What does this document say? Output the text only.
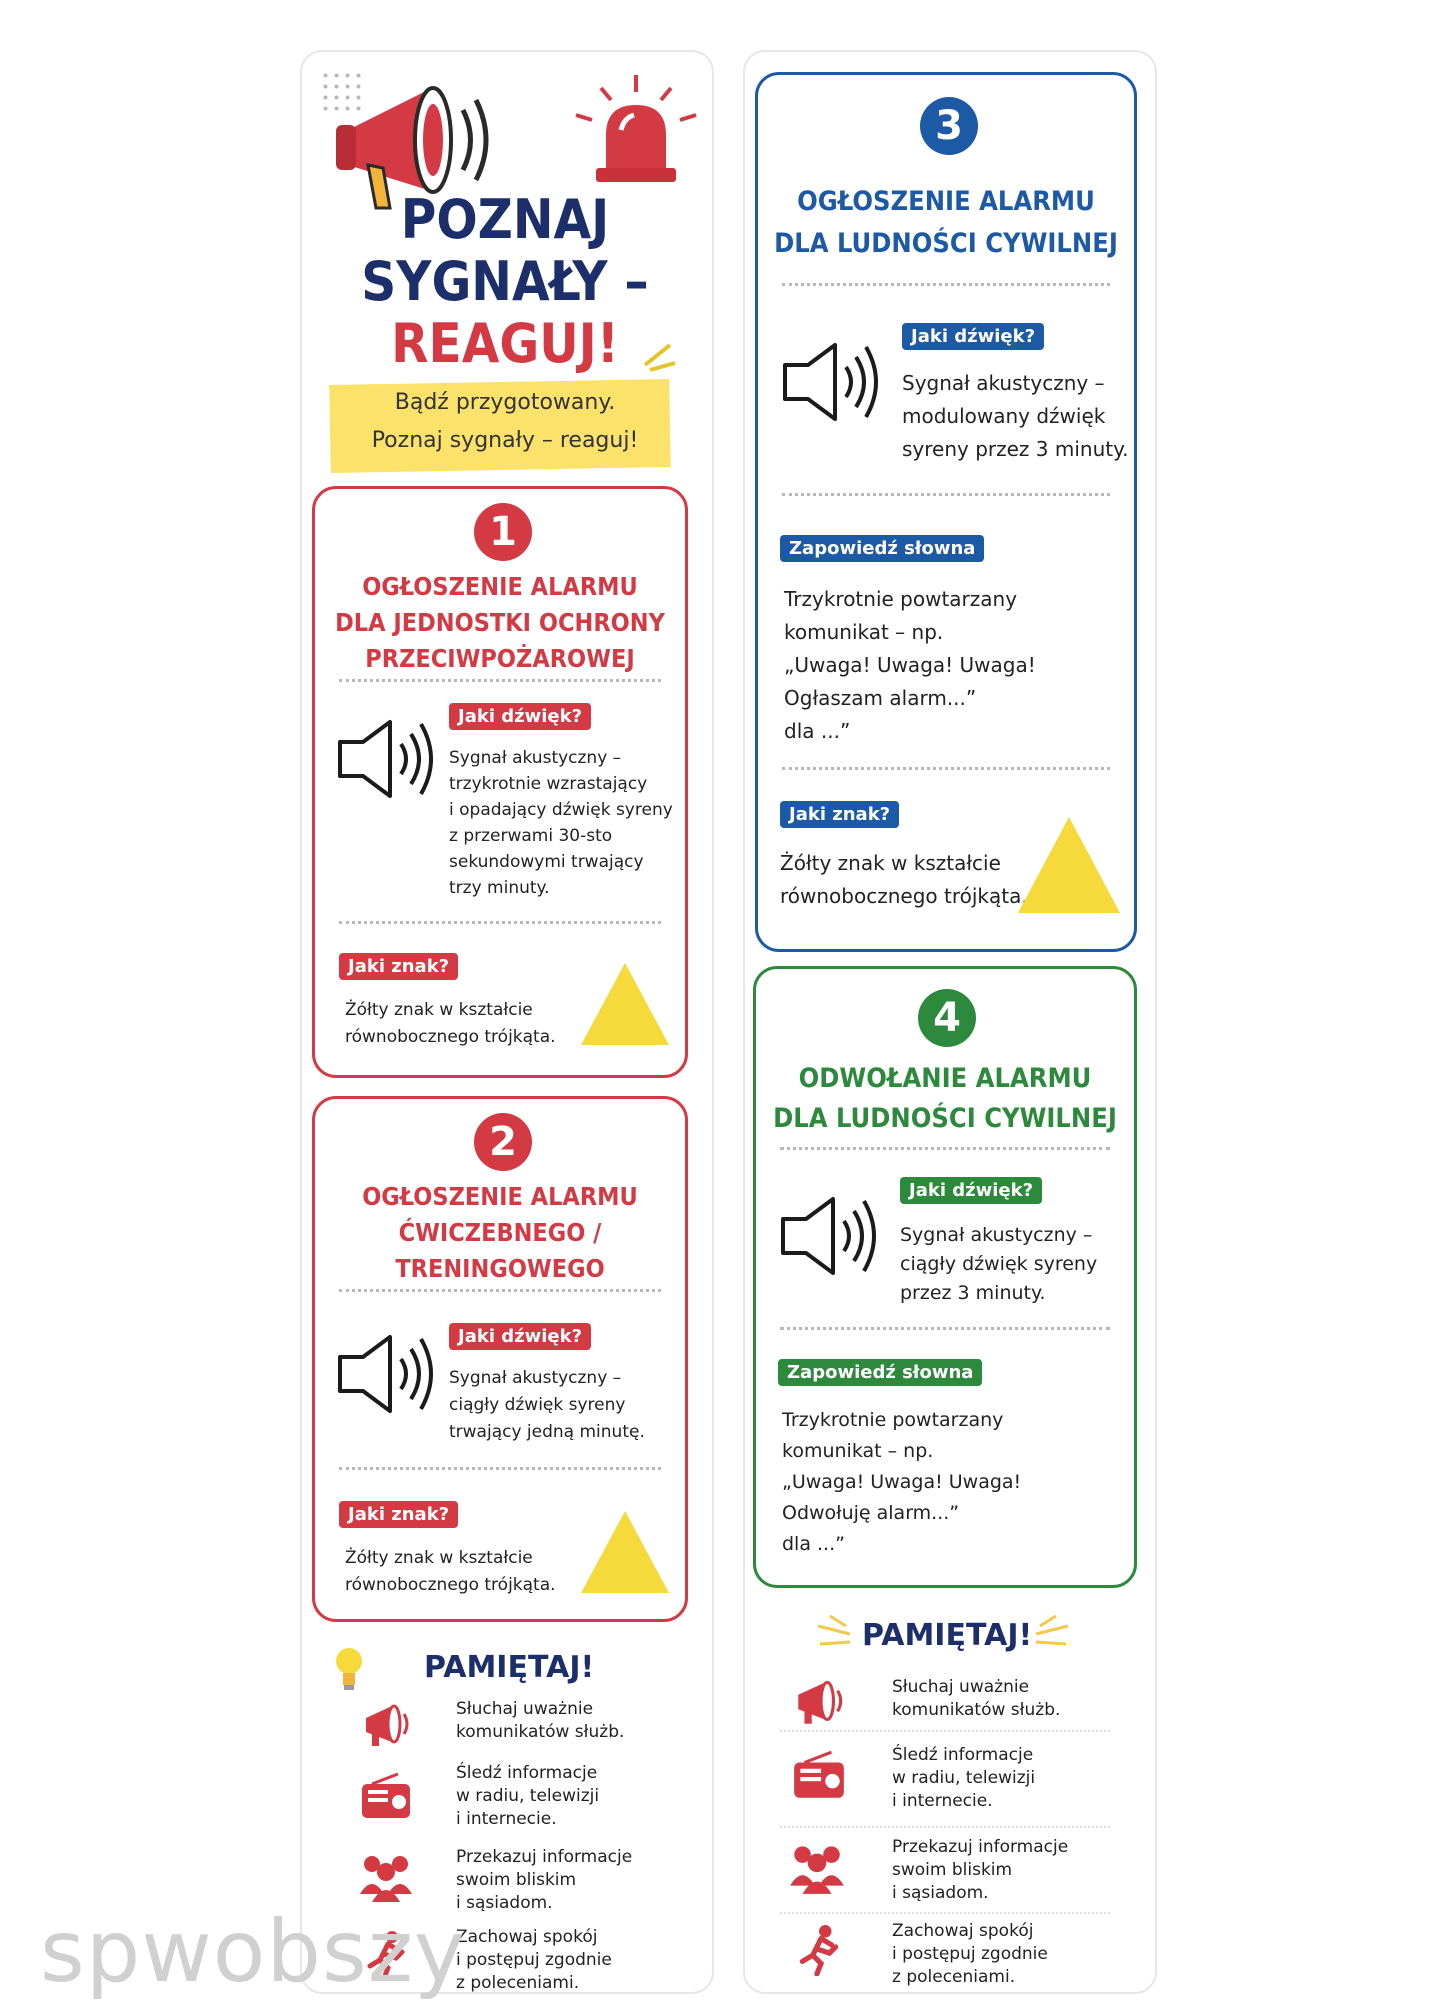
POZNAJ
SYGNAŁY –
REAGUJ!
Bądź przygotowany.
Poznaj sygnały – reaguj!
1
OGŁOSZENIE ALARMU
DLA JEDNOSTKI OCHRONY
PRZECIWPOŻAROWEJ
Jaki dźwięk?
Sygnał akustyczny –
trzykrotnie wzrastający
i opadający dźwięk syreny
z przerwami 30-sto
sekundowymi trwający
trzy minuty.
Jaki znak?
Żółty znak w kształcie
równobocznego trójkąta.
2
OGŁOSZENIE ALARMU
ĆWICZEBNEGO /
TRENINGOWEGO
Jaki dźwięk?
Sygnał akustyczny –
ciągły dźwięk syreny
trwający jedną minutę.
Jaki znak?
Żółty znak w kształcie
równobocznego trójkąta.
PAMIĘTAJ!
Słuchaj uważnie
komunikatów służb.
Śledź informacje
w radiu, telewizji
i internecie.
Przekazuj informacje
swoim bliskim
i sąsiadom.
Zachowaj spokój
i postępuj zgodnie
z poleceniami.
3
OGŁOSZENIE ALARMU
DLA LUDNOŚCI CYWILNEJ
Jaki dźwięk?
Sygnał akustyczny –
modulowany dźwięk
syreny przez 3 minuty.
Zapowiedź słowna
Trzykrotnie powtarzany
komunikat – np.
„Uwaga! Uwaga! Uwaga!
Ogłaszam alarm...”
dla ...”
Jaki znak?
Żółty znak w kształcie
równobocznego trójkąta.
4
ODWOŁANIE ALARMU
DLA LUDNOŚCI CYWILNEJ
Jaki dźwięk?
Sygnał akustyczny –
ciągły dźwięk syreny
przez 3 minuty.
Zapowiedź słowna
Trzykrotnie powtarzany
komunikat – np.
„Uwaga! Uwaga! Uwaga!
Odwołuję alarm...”
dla ...”
PAMIĘTAJ!
Słuchaj uważnie
komunikatów służb.
Śledź informacje
w radiu, telewizji
i internecie.
Przekazuj informacje
swoim bliskim
i sąsiadom.
Zachowaj spokój
i postępuj zgodnie
z poleceniami.
spwobszy
